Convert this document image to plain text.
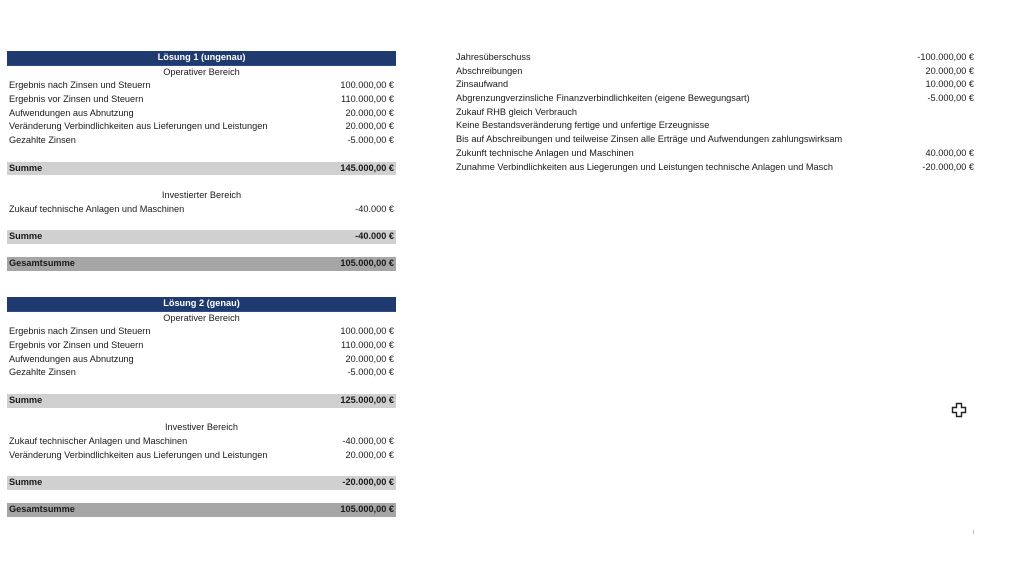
Lösung 1 (ungenau)
Operativer Bereich
Ergebnis nach Zinsen und Steuern	100.000,00 €
Ergebnis vor Zinsen und Steuern	110.000,00 €
Aufwendungen aus Abnutzung	20.000,00 €
Veränderung Verbindlichkeiten aus Lieferungen und Leistungen	20.000,00 €
Gezahlte Zinsen	-5.000,00 €
Summe	145.000,00 €
Investierter Bereich
Zukauf technische Anlagen und Maschinen	-40.000 €
Summe	-40.000 €
Gesamtsumme	105.000,00 €
Lösung 2 (genau)
Operativer Bereich
Ergebnis nach Zinsen und Steuern	100.000,00 €
Ergebnis vor Zinsen und Steuern	110.000,00 €
Aufwendungen aus Abnutzung	20.000,00 €
Gezahlte Zinsen	-5.000,00 €
Summe	125.000,00 €
Investiver Bereich
Zukauf technischer Anlagen und Maschinen	-40.000,00 €
Veränderung Verbindlichkeiten aus Lieferungen und Leistungen	20.000,00 €
Summe	-20.000,00 €
Gesamtsumme	105.000,00 €
Jahresüberschuss	-100.000,00 €
Abschreibungen	20.000,00 €
Zinsaufwand	10.000,00 €
Abgrenzungverzinsliche Finanzverbindlichkeiten (eigene Bewegungsart)	-5.000,00 €
Zukauf RHB gleich Verbrauch
Keine Bestandsveränderung fertige und unfertige Erzeugnisse
Bis auf Abschreibungen und teilweise Zinsen alle Erträge und Aufwendungen zahlungswirksam
Zukunft technische Anlagen und Maschinen	40.000,00 €
Zunahme Verbindlichkeiten aus Liegerungen und Leistungen technische Anlagen und Masch	-20.000,00 €
